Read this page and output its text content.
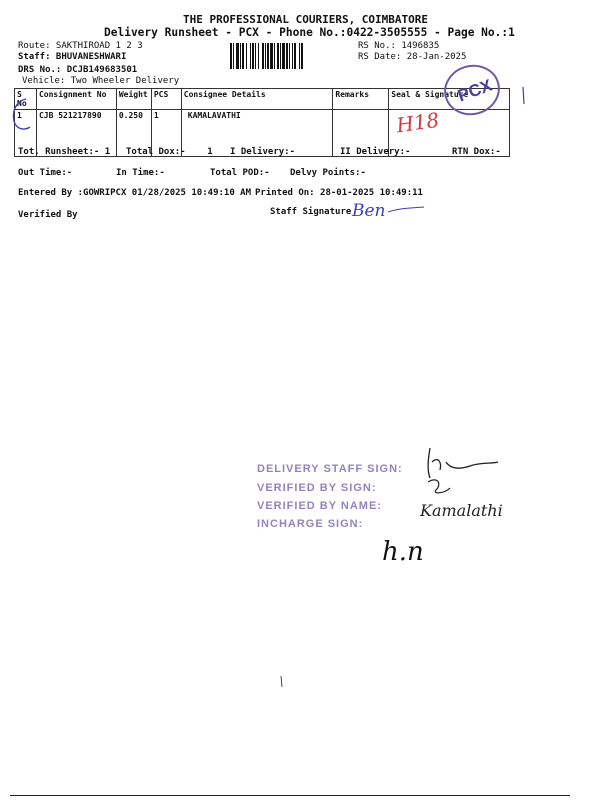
THE PROFESSIONAL COURIERS, COIMBATORE
Delivery Runsheet - PCX - Phone No.:0422-3505555 - Page No.:1
Route: SAKTHIROAD 1 2 3
Staff: BHUVANESHWARI
DRS No.: DCJB149683501
Vehicle: Two Wheeler Delivery
RS No.: 1496835
RS Date: 28-Jan-2025
S No	Consignment No	Weight	PCS	Consignee Details	Remarks	Seal & Signature
1	CJB 521217890	0.250	1	KAMALAVATHI		
PCX
H18
Tot. Runsheet:- 1 Total Dox:-    1 I Delivery:-	II Delivery:-	RTN Dox:-
Out Time:-	In Time:-	Total POD:- Delvy Points:-
Entered By :GOWRIPCX 01/28/2025 10:49:10 AM Printed On: 28-01-2025 10:49:11
Verified By	Staff Signature Ben
DELIVERY STAFF SIGN:
VERIFIED BY SIGN:
VERIFIED BY NAME:
INCHARGE SIGN:
Kamalathi
h.n
